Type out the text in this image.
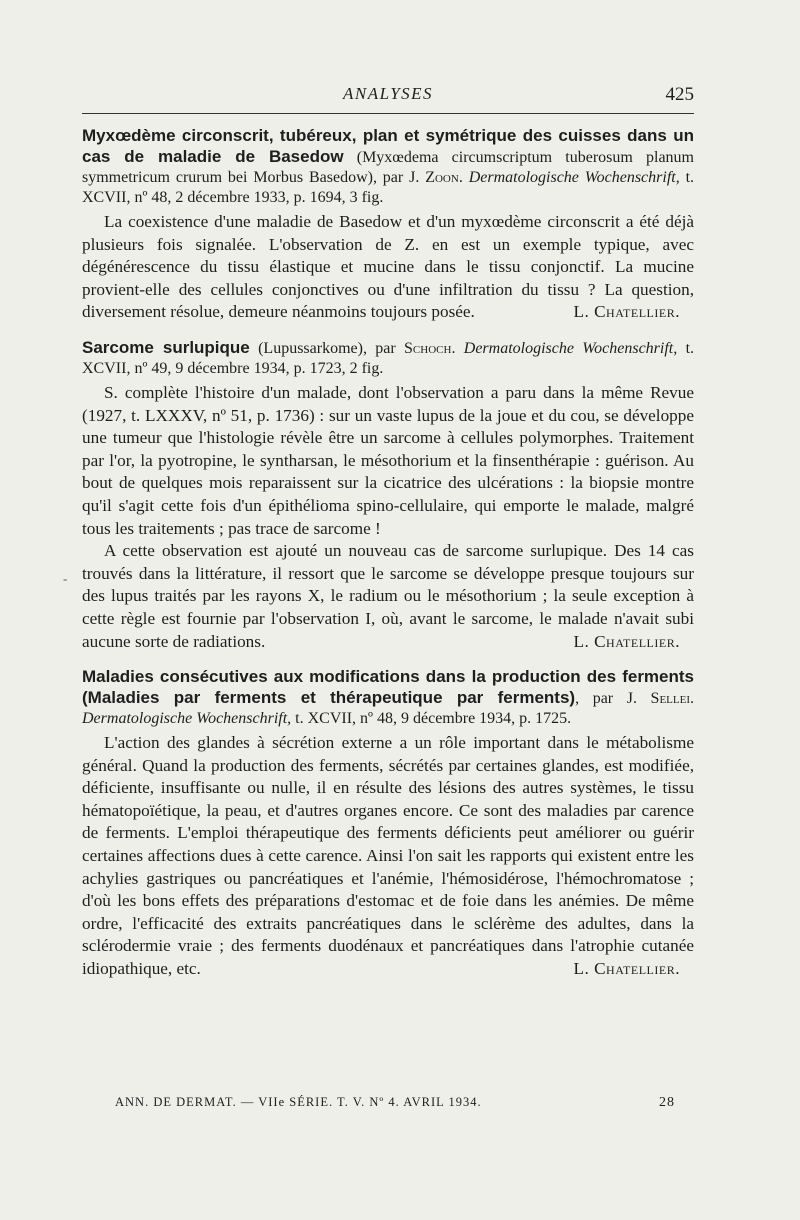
ANALYSES	425
-

Myxœdème circonscrit, tubéreux, plan et symétrique des cuisses dans un cas de maladie de Basedow (Myxœdema circumscriptum tuberosum planum symmetricum crurum bei Morbus Basedow), par J. Zoon. Dermatologische Wochenschrift, t. XCVII, nº 48, 2 décembre 1933, p. 1694, 3 fig.

La coexistence d'une maladie de Basedow et d'un myxœdème circonscrit a été déjà plusieurs fois signalée. L'observation de Z. en est un exemple typique, avec dégénérescence du tissu élastique et mucine dans le tissu conjonctif. La mucine provient-elle des cellules conjonctives ou d'une infiltration du tissu ? La question, diversement résolue, demeure néanmoins toujours posée.	L. Chatellier.

Sarcome surlupique (Lupussarkome), par Schoch. Dermatologische Wochenschrift, t. XCVII, nº 49, 9 décembre 1934, p. 1723, 2 fig.

S. complète l'histoire d'un malade, dont l'observation a paru dans la même Revue (1927, t. LXXXV, nº 51, p. 1736) : sur un vaste lupus de la joue et du cou, se développe une tumeur que l'histologie révèle être un sarcome à cellules polymorphes. Traitement par l'or, la pyotropine, le syntharsan, le mésothorium et la finsenthérapie : guérison. Au bout de quelques mois reparaissent sur la cicatrice des ulcérations : la biopsie montre qu'il s'agit cette fois d'un épithélioma spino-cellulaire, qui emporte le malade, malgré tous les traitements ; pas trace de sarcome !

A cette observation est ajouté un nouveau cas de sarcome surlupique. Des 14 cas trouvés dans la littérature, il ressort que le sarcome se développe presque toujours sur des lupus traités par les rayons X, le radium ou le mésothorium ; la seule exception à cette règle est fournie par l'observation I, où, avant le sarcome, le malade n'avait subi aucune sorte de radiations.	L. Chatellier.

Maladies consécutives aux modifications dans la production des ferments (Maladies par ferments et thérapeutique par ferments), par J. Sellei. Dermatologische Wochenschrift, t. XCVII, nº 48, 9 décembre 1934, p. 1725.

L'action des glandes à sécrétion externe a un rôle important dans le métabolisme général. Quand la production des ferments, sécrétés par certaines glandes, est modifiée, déficiente, insuffisante ou nulle, il en résulte des lésions des autres systèmes, le tissu hématopoïétique, la peau, et d'autres organes encore. Ce sont des maladies par carence de ferments. L'emploi thérapeutique des ferments déficients peut améliorer ou guérir certaines affections dues à cette carence. Ainsi l'on sait les rapports qui existent entre les achylies gastriques ou pancréatiques et l'anémie, l'hémosidérose, l'hémochromatose ; d'où les bons effets des préparations d'estomac et de foie dans les anémies. De même ordre, l'efficacité des extraits pancréatiques dans le sclérème des adultes, dans la sclérodermie vraie ; des ferments duodénaux et pancréatiques dans l'atrophie cutanée idiopathique, etc.	L. Chatellier.

ANN. DE DERMAT. — VIIe SÉRIE. T. V. Nº 4. AVRIL 1934.	28
